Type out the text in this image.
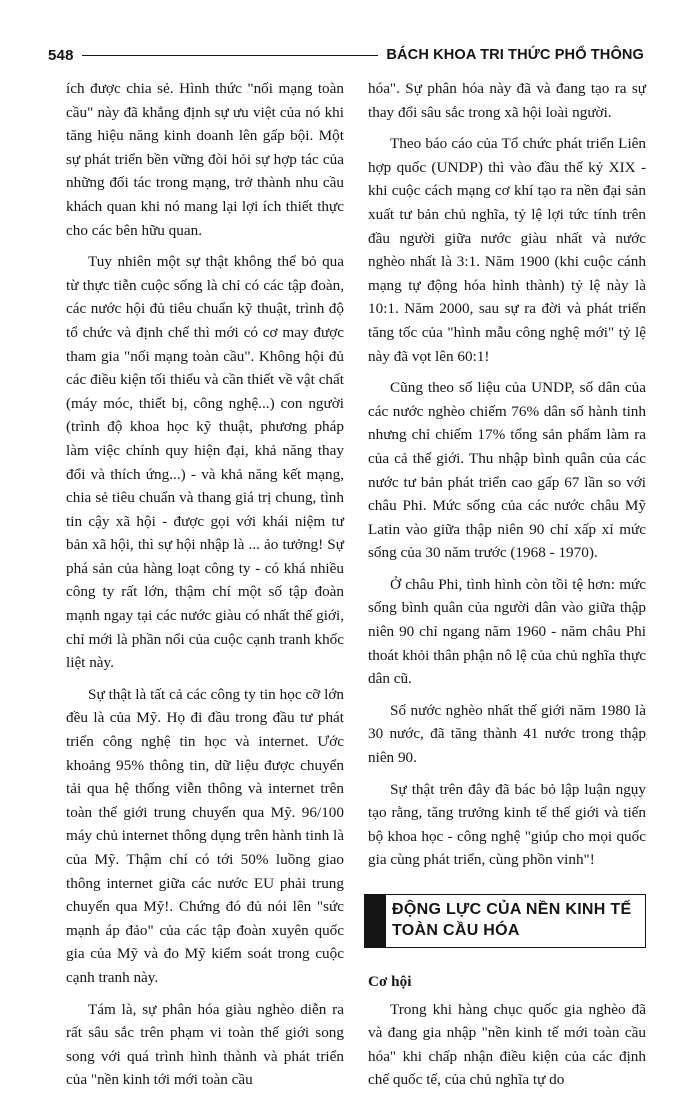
548	BÁCH KHOA TRI THỨC PHỔ THÔNG

ích được chia sẻ. Hình thức "nối mạng toàn cầu" này đã khẳng định sự ưu việt của nó khi tăng hiệu năng kinh doanh lên gấp bội. Một sự phát triển bền vững đòi hỏi sự hợp tác của những đối tác trong mạng, trở thành nhu cầu khách quan khi nó mang lại lợi ích thiết thực cho các bên hữu quan.

Tuy nhiên một sự thật không thể bỏ qua từ thực tiễn cuộc sống là chỉ có các tập đoàn, các nước hội đủ tiêu chuẩn kỹ thuật, trình độ tổ chức và định chế thì mới có cơ may được tham gia "nối mạng toàn cầu". Không hội đủ các điều kiện tối thiểu và cần thiết về vật chất (máy móc, thiết bị, công nghệ...) con người (trình độ khoa học kỹ thuật, phương pháp làm việc chính quy hiện đại, khả năng thay đổi và thích ứng...) - và khả năng kết mạng, chia sẻ tiêu chuẩn và thang giá trị chung, tình tin cậy xã hội - được gọi với khái niệm tư bản xã hội, thì sự hội nhập là ... ảo tưởng! Sự phá sản của hàng loạt công ty - có khá nhiều công ty rất lớn, thậm chí một số tập đoàn mạnh ngay tại các nước giàu có nhất thế giới, chỉ mới là phần nổi của cuộc cạnh tranh khốc liệt này.

Sự thật là tất cả các công ty tin học cỡ lớn đều là của Mỹ. Họ đi đầu trong đầu tư phát triển công nghệ tin học và internet. Ước khoảng 95% thông tin, dữ liệu được chuyển tải qua hệ thống viễn thông và internet trên toàn thế giới trung chuyển qua Mỹ. 96/100 máy chủ internet thông dụng trên hành tinh là của Mỹ. Thậm chí có tới 50% luồng giao thông internet giữa các nước EU phải trung chuyển qua Mỹ!. Chứng đó đủ nói lên "sức mạnh áp đảo" của các tập đoàn xuyên quốc gia của Mỹ và đo Mỹ kiểm soát trong cuộc cạnh tranh này.

Tám là, sự phân hóa giàu nghèo diễn ra rất sâu sắc trên phạm vi toàn thế giới song song với quá trình hình thành và phát triển của "nền kinh tới mới toàn cầu

hóa". Sự phân hóa này đã và đang tạo ra sự thay đổi sâu sắc trong xã hội loài người.

Theo báo cáo của Tổ chức phát triển Liên hợp quốc (UNDP) thì vào đầu thế kỷ XIX - khi cuộc cách mạng cơ khí tạo ra nền đại sản xuất tư bản chủ nghĩa, tỷ lệ lợi tức tính trên đầu người giữa nước giàu nhất và nước nghèo nhất là 3:1. Năm 1900 (khi cuộc cánh mạng tự động hóa hình thành) tỷ lệ này là 10:1. Năm 2000, sau sự ra đời và phát triển tăng tốc của "hình mẫu công nghệ mới" tỷ lệ này đã vọt lên 60:1!

Cũng theo số liệu của UNDP, số dân của các nước nghèo chiếm 76% dân số hành tinh nhưng chỉ chiếm 17% tổng sản phẩm làm ra của cả thế giới. Thu nhập bình quân của các nước tư bản phát triển cao gấp 67 lần so với châu Phi. Mức sống của các nước châu Mỹ Latin vào giữa thập niên 90 chỉ xấp xỉ mức sống của 30 năm trước (1968 - 1970).

Ở châu Phi, tình hình còn tồi tệ hơn: mức sống bình quân của người dân vào giữa thập niên 90 chỉ ngang năm 1960 - năm châu Phi thoát khỏi thân phận nô lệ của chủ nghĩa thực dân cũ.

Số nước nghèo nhất thế giới năm 1980 là 30 nước, đã tăng thành 41 nước trong thập niên 90.

Sự thật trên đây đã bác bỏ lập luận ngụy tạo rằng, tăng trưởng kinh tế thế giới và tiến bộ khoa học - công nghệ "giúp cho mọi quốc gia cùng phát triển, cùng phồn vinh"!

ĐỘNG LỰC CỦA NỀN KINH TẾ TOÀN CẦU HÓA
Cơ hội

Trong khi hàng chục quốc gia nghèo đã và đang gia nhập "nền kinh tế mới toàn cầu hóa" khi chấp nhận điều kiện của các định chế quốc tế, của chủ nghĩa tự do
